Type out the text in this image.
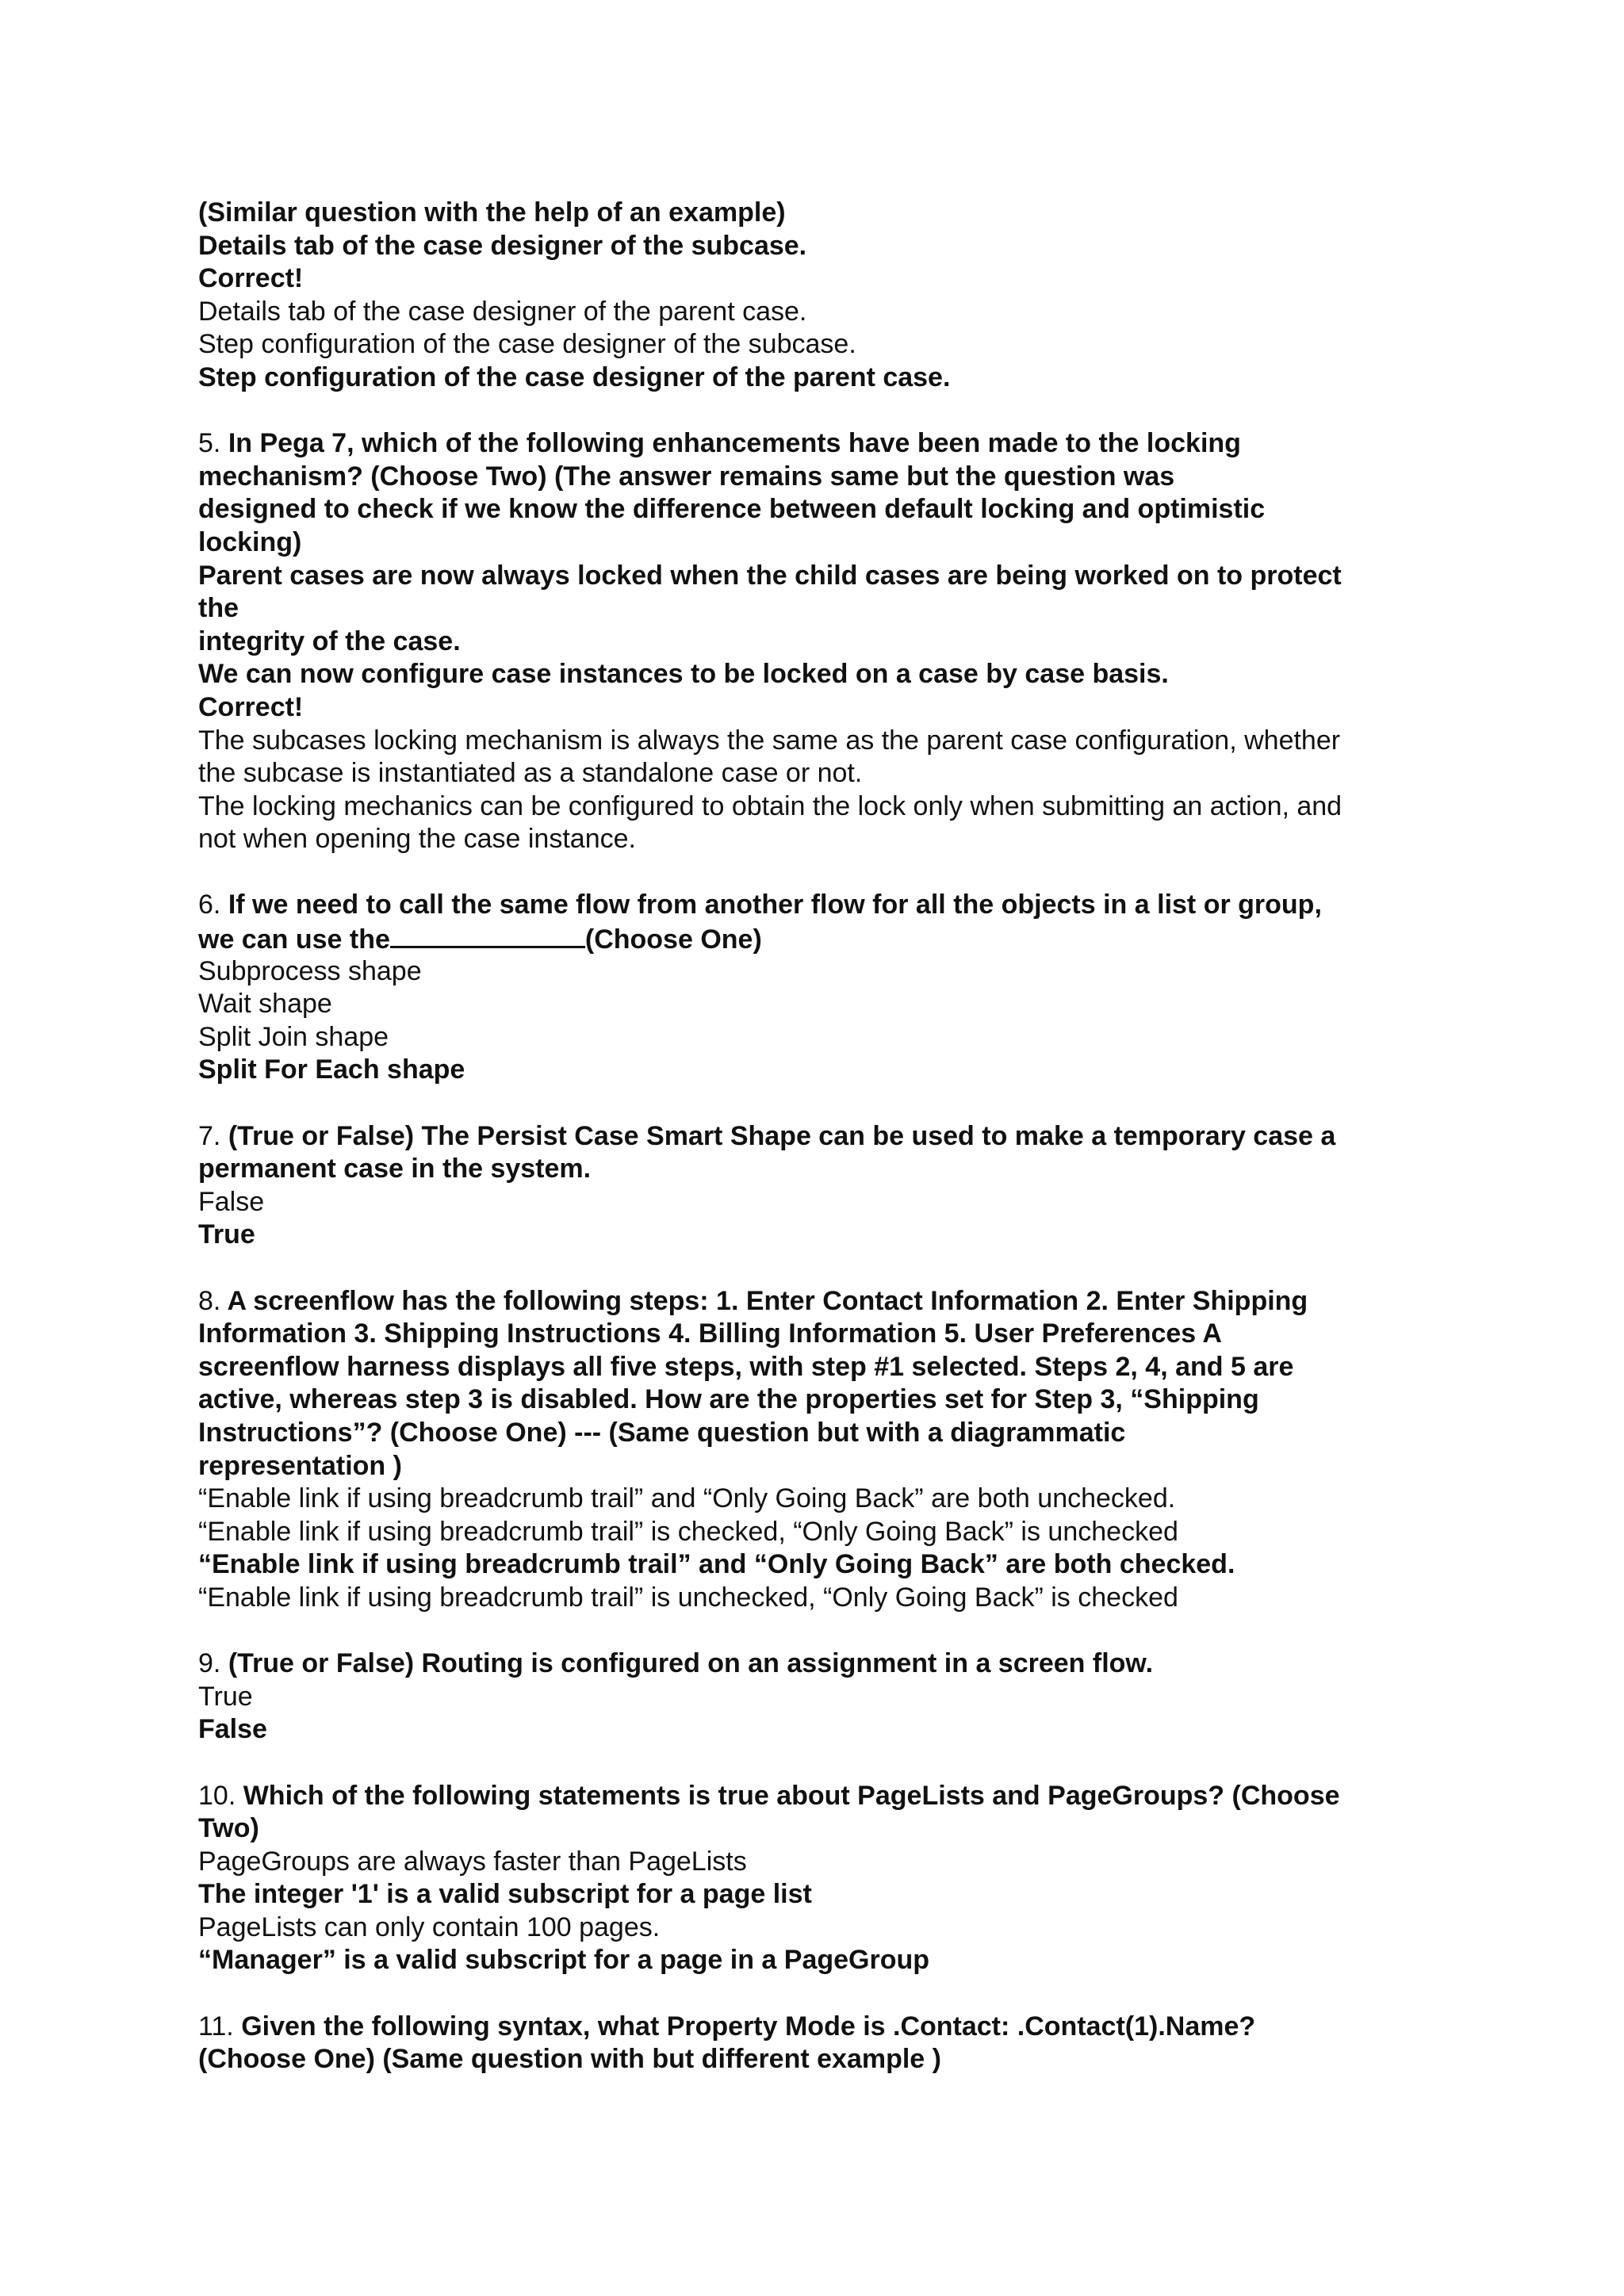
(Similar question with the help of an example)
Details tab of the case designer of the subcase.
Correct!
Details tab of the case designer of the parent case.
Step configuration of the case designer of the subcase.
Step configuration of the case designer of the parent case.
5. In Pega 7, which of the following enhancements have been made to the locking
mechanism? (Choose Two) (The answer remains same but the question was
designed to check if we know the difference between default locking and optimistic
locking)
Parent cases are now always locked when the child cases are being worked on to protect
the
integrity of the case.
We can now configure case instances to be locked on a case by case basis.
Correct!
The subcases locking mechanism is always the same as the parent case configuration, whether
the subcase is instantiated as a standalone case or not.
The locking mechanics can be configured to obtain the lock only when submitting an action, and
not when opening the case instance.
6. If we need to call the same flow from another flow for all the objects in a list or group,
we can use the	(Choose One)
Subprocess shape
Wait shape
Split Join shape
Split For Each shape
7. (True or False) The Persist Case Smart Shape can be used to make a temporary case a
permanent case in the system.
False
True
8. A screenflow has the following steps: 1. Enter Contact Information 2. Enter Shipping
Information 3. Shipping Instructions 4. Billing Information 5. User Preferences A
screenflow harness displays all five steps, with step #1 selected. Steps 2, 4, and 5 are
active, whereas step 3 is disabled. How are the properties set for Step 3, “Shipping
Instructions”? (Choose One) --- (Same question but with a diagrammatic
representation )
“Enable link if using breadcrumb trail” and “Only Going Back” are both unchecked.
“Enable link if using breadcrumb trail” is checked, “Only Going Back” is unchecked
“Enable link if using breadcrumb trail” and “Only Going Back” are both checked.
“Enable link if using breadcrumb trail” is unchecked, “Only Going Back” is checked
9. (True or False) Routing is configured on an assignment in a screen flow.
True
False
10. Which of the following statements is true about PageLists and PageGroups? (Choose
Two)
PageGroups are always faster than PageLists
The integer '1' is a valid subscript for a page list
PageLists can only contain 100 pages.
“Manager” is a valid subscript for a page in a PageGroup
11. Given the following syntax, what Property Mode is .Contact: .Contact(1).Name?
(Choose One) (Same question with but different example )
